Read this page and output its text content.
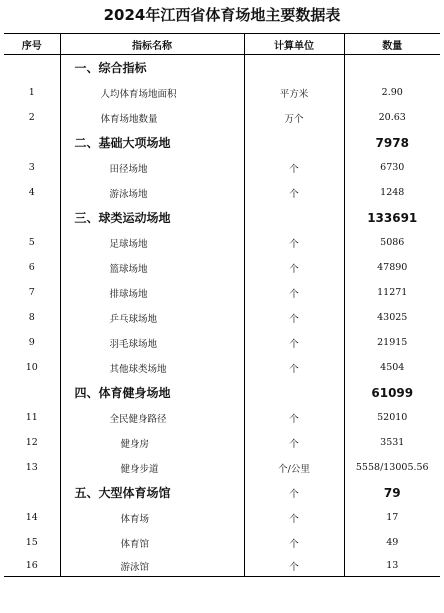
2024年江西省体育场地主要数据表
序号	指标名称	计算单位	数量
	一、综合指标		
1	人均体育场地面积	平方米	2.90
2	体育场地数量	万个	20.63
	二、基础大项场地		7978
3	田径场地	个	6730
4	游泳场地	个	1248
	三、球类运动场地		133691
5	足球场地	个	5086
6	篮球场地	个	47890
7	排球场地	个	11271
8	乒乓球场地	个	43025
9	羽毛球场地	个	21915
10	其他球类场地	个	4504
	四、体育健身场地		61099
11	全民健身路径	个	52010
12	健身房	个	3531
13	健身步道	个/公里	5558/13005.56
	五、大型体育场馆	个	79
14	体育场	个	17
15	体育馆	个	49
16	游泳馆	个	13
